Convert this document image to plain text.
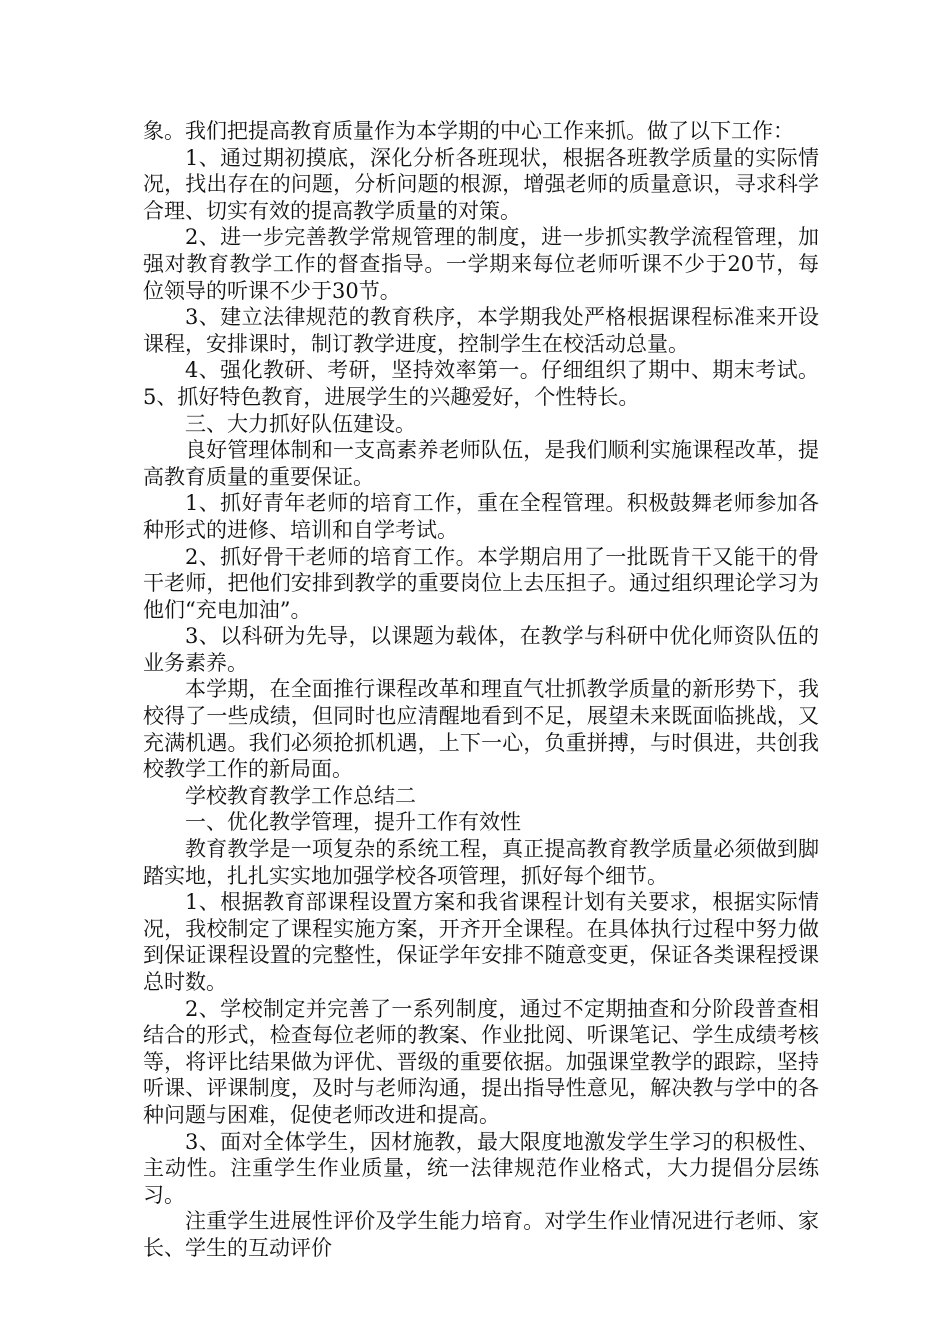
象。我们把提高教育质量作为本学期的中心工作来抓。做了以下工作：

1、通过期初摸底，深化分析各班现状，根据各班教学质量的实际情况，找出存在的问题，分析问题的根源，增强老师的质量意识，寻求科学合理、切实有效的提高教学质量的对策。

2、进一步完善教学常规管理的制度，进一步抓实教学流程管理，加强对教育教学工作的督查指导。一学期来每位老师听课不少于20节，每位领导的听课不少于30节。

3、建立法律规范的教育秩序，本学期我处严格根据课程标准来开设课程，安排课时，制订教学进度，控制学生在校活动总量。

4、强化教研、考研，坚持效率第一。仔细组织了期中、期末考试。5、抓好特色教育，进展学生的兴趣爱好，个性特长。

三、大力抓好队伍建设。

良好管理体制和一支高素养老师队伍，是我们顺利实施课程改革，提高教育质量的重要保证。

1、抓好青年老师的培育工作，重在全程管理。积极鼓舞老师参加各种形式的进修、培训和自学考试。

2、抓好骨干老师的培育工作。本学期启用了一批既肯干又能干的骨干老师，把他们安排到教学的重要岗位上去压担子。通过组织理论学习为他们“充电加油”。

3、以科研为先导，以课题为载体，在教学与科研中优化师资队伍的业务素养。

本学期，在全面推行课程改革和理直气壮抓教学质量的新形势下，我校得了一些成绩，但同时也应清醒地看到不足，展望未来既面临挑战，又充满机遇。我们必须抢抓机遇，上下一心，负重拼搏，与时俱进，共创我校教学工作的新局面。

学校教育教学工作总结二

一、优化教学管理，提升工作有效性

教育教学是一项复杂的系统工程，真正提高教育教学质量必须做到脚踏实地，扎扎实实地加强学校各项管理，抓好每个细节。

1、根据教育部课程设置方案和我省课程计划有关要求，根据实际情况，我校制定了课程实施方案，开齐开全课程。在具体执行过程中努力做到保证课程设置的完整性，保证学年安排不随意变更，保证各类课程授课总时数。

2、学校制定并完善了一系列制度，通过不定期抽查和分阶段普查相结合的形式，检查每位老师的教案、作业批阅、听课笔记、学生成绩考核等，将评比结果做为评优、晋级的重要依据。加强课堂教学的跟踪，坚持听课、评课制度，及时与老师沟通，提出指导性意见，解决教与学中的各种问题与困难，促使老师改进和提高。

3、面对全体学生，因材施教，最大限度地激发学生学习的积极性、主动性。注重学生作业质量，统一法律规范作业格式，大力提倡分层练习。

注重学生进展性评价及学生能力培育。对学生作业情况进行老师、家长、学生的互动评价
